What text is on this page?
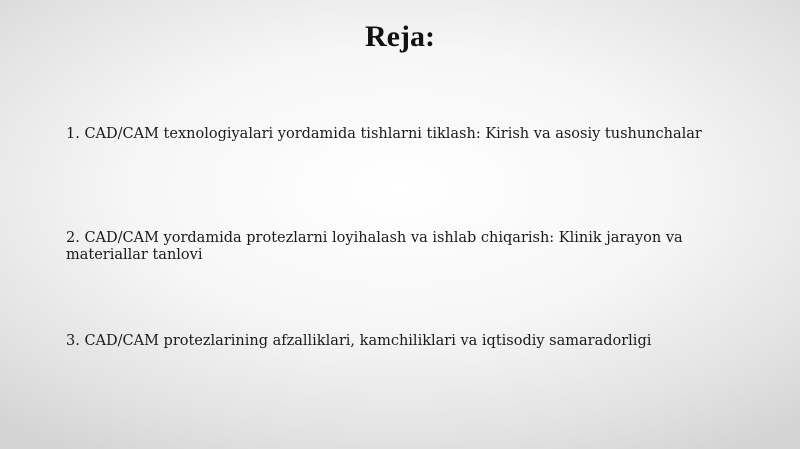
Reja:

1. CAD/CAM texnologiyalari yordamida tishlarni tiklash: Kirish va asosiy tushunchalar

2. CAD/CAM yordamida protezlarni loyihalash va ishlab chiqarish: Klinik jarayon va materiallar tanlovi

3. CAD/CAM protezlarining afzalliklari, kamchiliklari va iqtisodiy samaradorligi
